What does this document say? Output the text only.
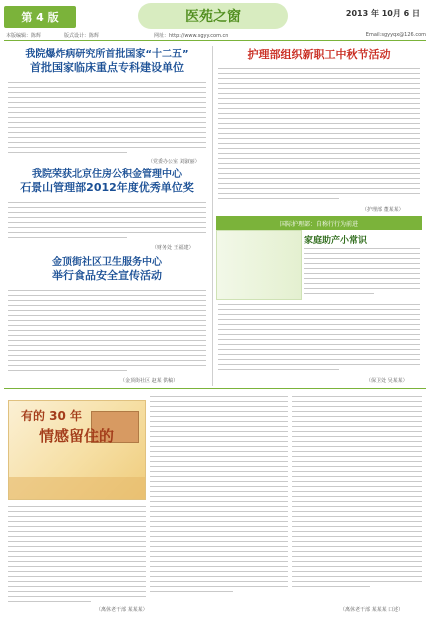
第 4 版	医苑之窗	2013 年 10月 6 日
本版编辑：陈辉	版式设计：陈辉	网址：http://www.sgyy.com.cn	Email:sgyyqx@126.com
我院爆炸病研究所首批国家“十二五”
首批国家临床重点专科建设单位
（党委办公室 刘淑丽）
我院荣获北京住房公积金管理中心
石景山管理部2012年度优秀单位奖
（财务处 王福建）
金顶街社区卫生服务中心
举行食品安全宣传活动
（金顶街社区 赵某 供稿）
护理部组织新职工中秋节活动
（护理部 董某某）
国际护理部：自称行行为前进
家庭助产小常识
（保卫处 吴某某）
有的 30 年
情感留住的
（离休老干部 某某某）	（离休老干部 某某某 口述）
